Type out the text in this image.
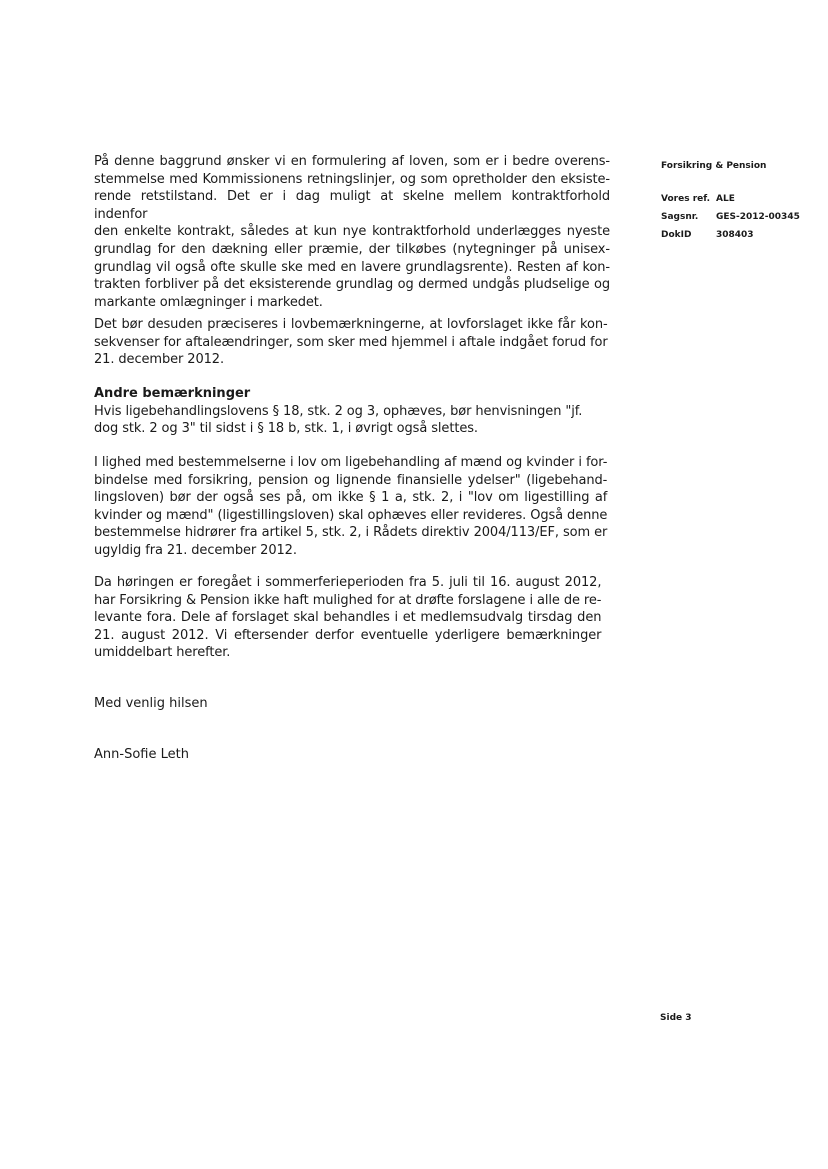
På denne baggrund ønsker vi en formulering af loven, som er i bedre overens-
stemmelse med Kommissionens retningslinjer, og som opretholder den eksiste-
rende retstilstand. Det er i dag muligt at skelne mellem kontraktforhold indenfor
den enkelte kontrakt, således at kun nye kontraktforhold underlægges nyeste
grundlag for den dækning eller præmie, der tilkøbes (nytegninger på unisex-
grundlag vil også ofte skulle ske med en lavere grundlagsrente). Resten af kon-
trakten forbliver på det eksisterende grundlag og dermed undgås pludselige og
markante omlægninger i markedet.

Det bør desuden præciseres i lovbemærkningerne, at lovforslaget ikke får kon-
sekvenser for aftaleændringer, som sker med hjemmel i aftale indgået forud for
21. december 2012.

Andre bemærkninger

Hvis ligebehandlingslovens § 18, stk. 2 og 3, ophæves, bør henvisningen "jf.
dog stk. 2 og 3" til sidst i § 18 b, stk. 1, i øvrigt også slettes.

I lighed med bestemmelserne i lov om ligebehandling af mænd og kvinder i for-
bindelse med forsikring, pension og lignende finansielle ydelser" (ligebehand-
lingsloven) bør der også ses på, om ikke § 1 a, stk. 2, i "lov om ligestilling af
kvinder og mænd" (ligestillingsloven) skal ophæves eller revideres. Også denne
bestemmelse hidrører fra artikel 5, stk. 2, i Rådets direktiv 2004/113/EF, som er
ugyldig fra 21. december 2012.

Da høringen er foregået i sommerferieperioden fra 5. juli til 16. august 2012,
har Forsikring & Pension ikke haft mulighed for at drøfte forslagene i alle de re-
levante fora. Dele af forslaget skal behandles i et medlemsudvalg tirsdag den
21. august 2012. Vi eftersender derfor eventuelle yderligere bemærkninger
umiddelbart herefter.

Med venlig hilsen
Ann-Sofie Leth
Forsikring & Pension
Vores ref.	ALE
Sagsnr.	GES-2012-00345
DokID	308403
Side 3
